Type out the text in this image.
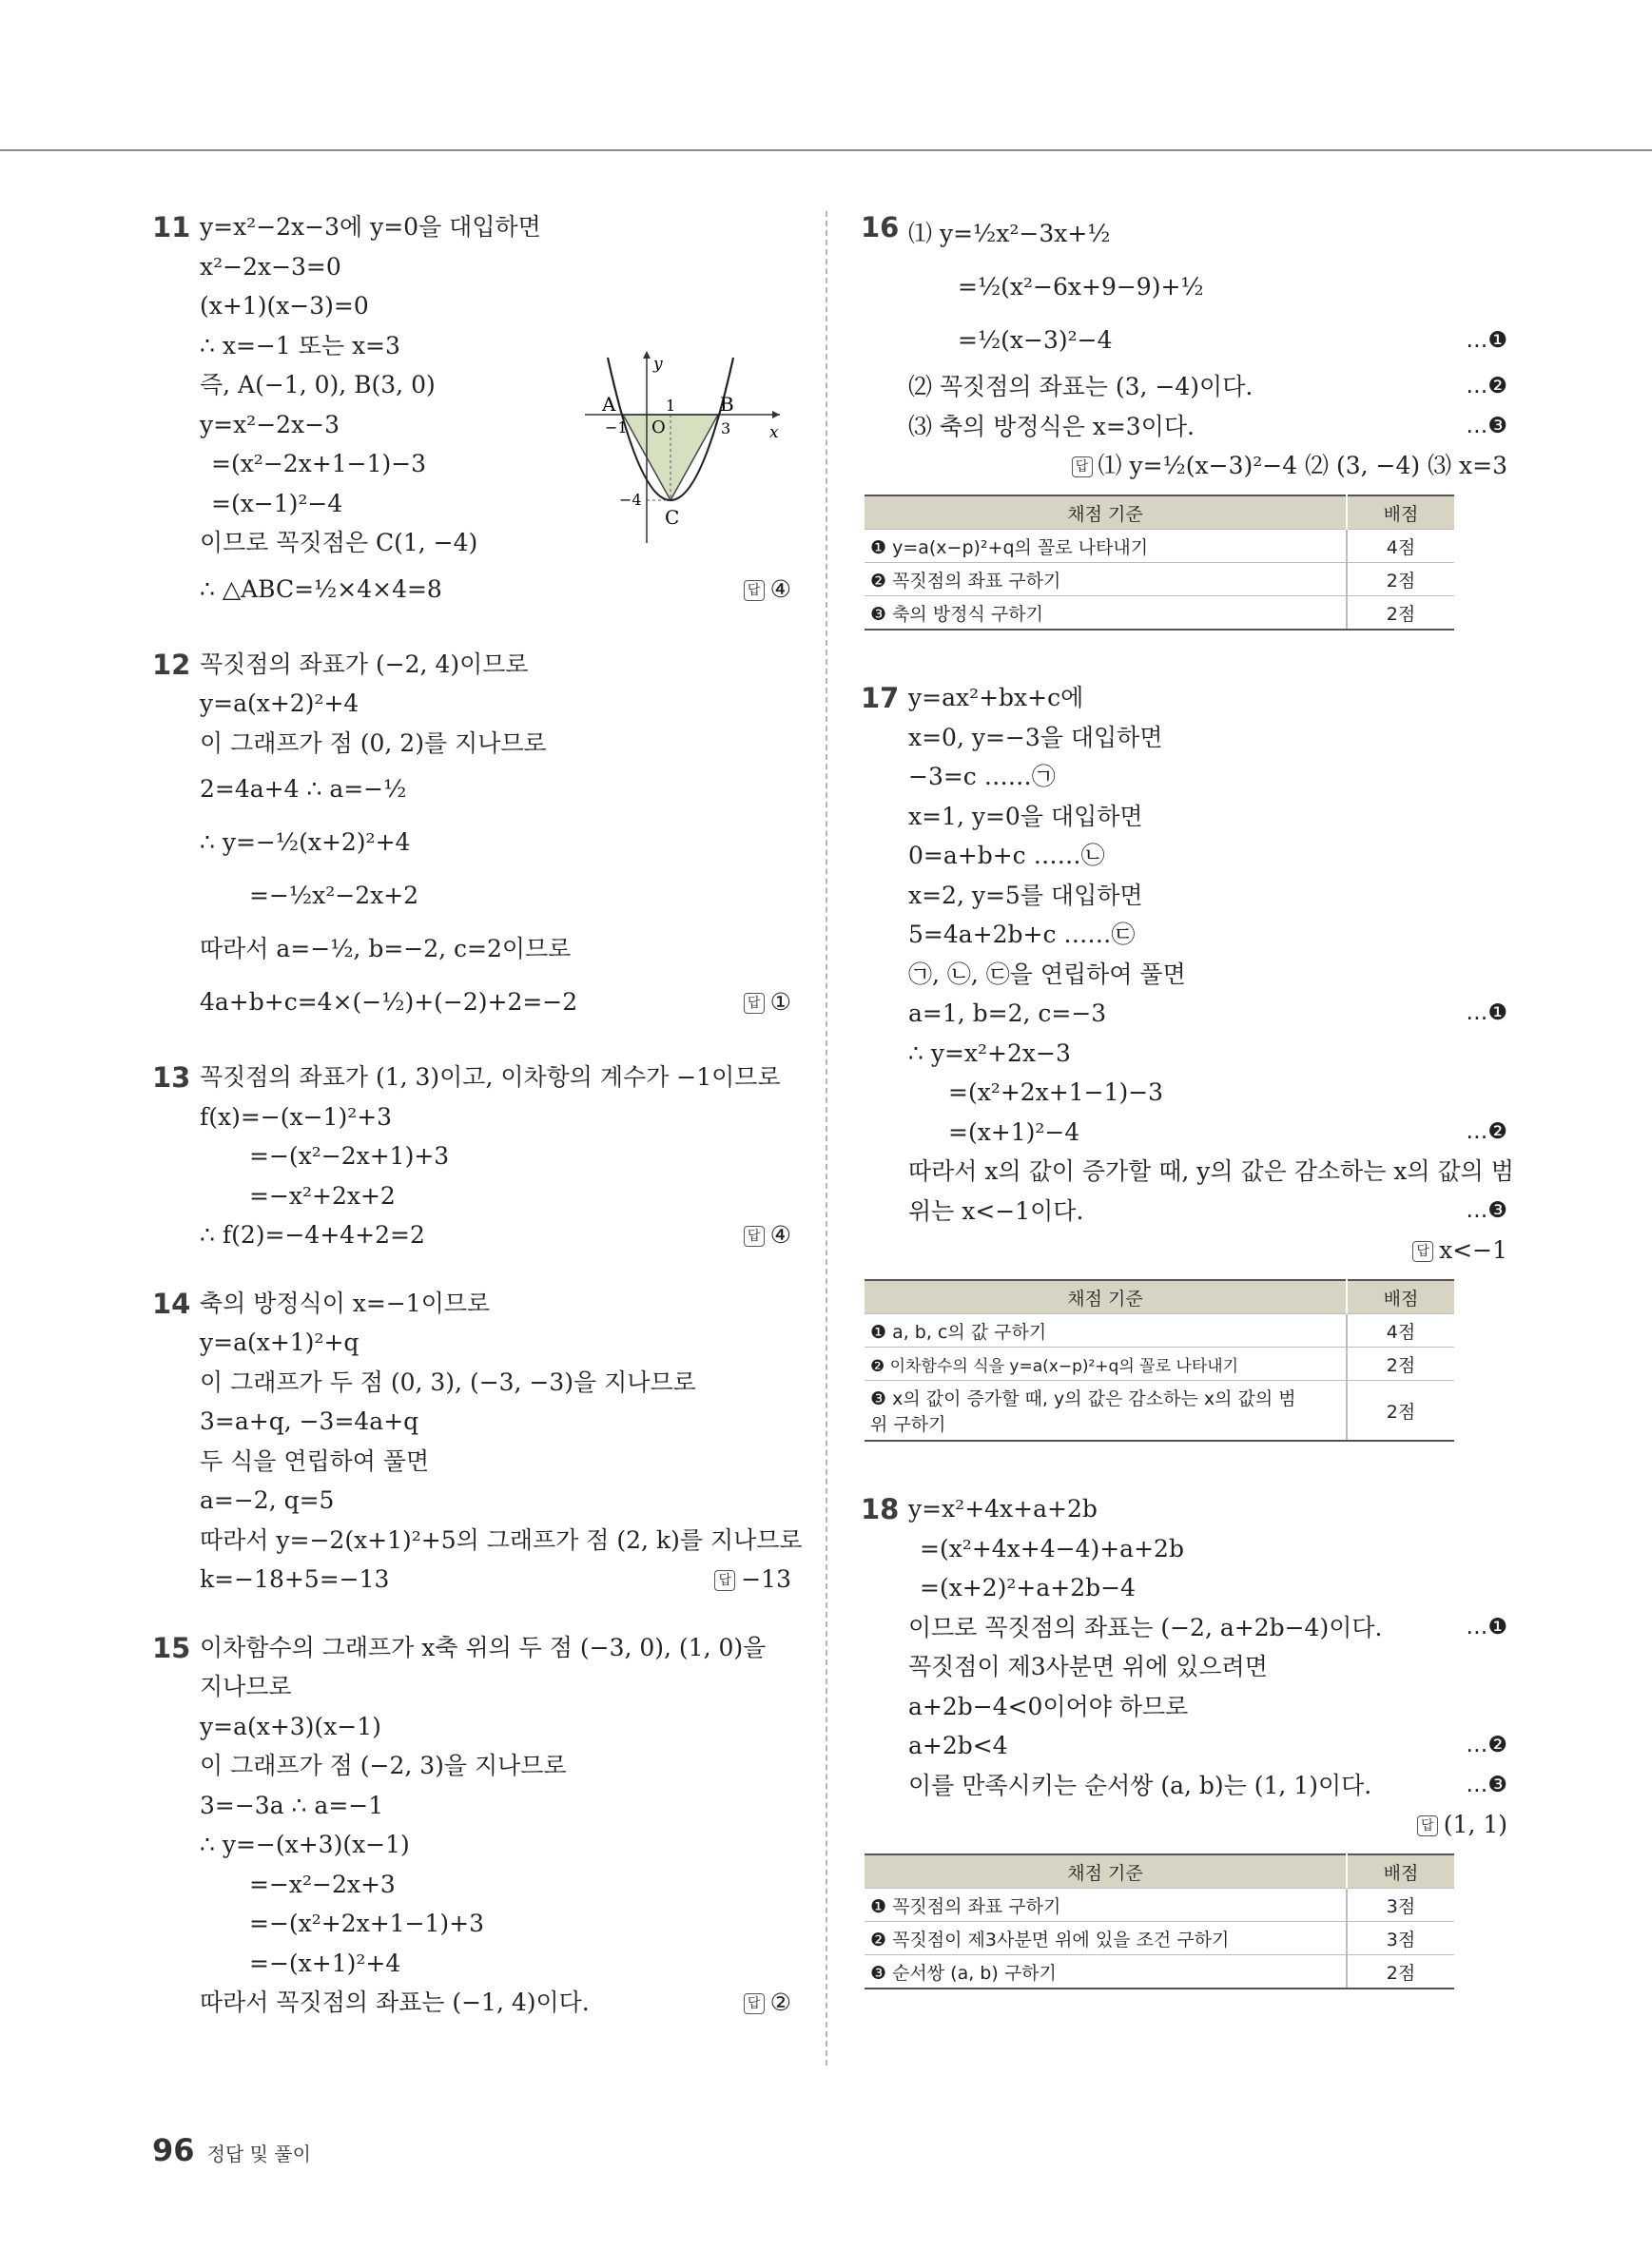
11 y=x²−2x−3에 y=0을 대입하면
x²−2x−3=0
(x+1)(x−3)=0
∴ x=−1 또는 x=3
즉, A(−1, 0), B(3, 0)
y=x²−2x−3
=(x²−2x+1−1)−3
=(x−1)²−4
이므로 꼭짓점은 C(1, −4)
∴ △ABC=½×4×4=8	답 ④
y
x
A
−1 O
1 B
3
−4
C
12 꼭짓점의 좌표가 (−2, 4)이므로
y=a(x+2)²+4
이 그래프가 점 (0, 2)를 지나므로
2=4a+4 ∴ a=−½
∴ y=−½(x+2)²+4
=−½x²−2x+2
따라서 a=−½, b=−2, c=2이므로
4a+b+c=4×(−½)+(−2)+2=−2	답 ①
13 꼭짓점의 좌표가 (1, 3)이고, 이차항의 계수가 −1이므로
f(x)=−(x−1)²+3
=−(x²−2x+1)+3
=−x²+2x+2
∴ f(2)=−4+4+2=2	답 ④
14 축의 방정식이 x=−1이므로
y=a(x+1)²+q
이 그래프가 두 점 (0, 3), (−3, −3)을 지나므로
3=a+q, −3=4a+q
두 식을 연립하여 풀면
a=−2, q=5
따라서 y=−2(x+1)²+5의 그래프가 점 (2, k)를 지나므로
k=−18+5=−13	답 −13
15 이차함수의 그래프가 x축 위의 두 점 (−3, 0), (1, 0)을
지나므로
y=a(x+3)(x−1)
이 그래프가 점 (−2, 3)을 지나므로
3=−3a ∴ a=−1
∴ y=−(x+3)(x−1)
=−x²−2x+3
=−(x²+2x+1−1)+3
=−(x+1)²+4
따라서 꼭짓점의 좌표는 (−1, 4)이다.	답 ②
16 ⑴ y=½x²−3x+½
=½(x²−6x+9−9)+½
=½(x−3)²−4	…❶
⑵ 꼭짓점의 좌표는 (3, −4)이다.	…❷
⑶ 축의 방정식은 x=3이다.	…❸
답 ⑴ y=½(x−3)²−4 ⑵ (3, −4) ⑶ x=3
채점 기준	배점
❶ y=a(x−p)²+q의 꼴로 나타내기	4점
❷ 꼭짓점의 좌표 구하기	2점
❸ 축의 방정식 구하기	2점
17 y=ax²+bx+c에
x=0, y=−3을 대입하면
−3=c ……㉠
x=1, y=0을 대입하면
0=a+b+c ……㉡
x=2, y=5를 대입하면
5=4a+2b+c ……㉢
㉠, ㉡, ㉢을 연립하여 풀면
a=1, b=2, c=−3	…❶
∴ y=x²+2x−3
=(x²+2x+1−1)−3
=(x+1)²−4	…❷
따라서 x의 값이 증가할 때, y의 값은 감소하는 x의 값의 범
위는 x<−1이다.	…❸
답 x<−1
채점 기준	배점
❶ a, b, c의 값 구하기	4점
❷ 이차함수의 식을 y=a(x−p)²+q의 꼴로 나타내기	2점
❸ x의 값이 증가할 때, y의 값은 감소하는 x의 값의 범위 구하기	2점
18 y=x²+4x+a+2b
=(x²+4x+4−4)+a+2b
=(x+2)²+a+2b−4
이므로 꼭짓점의 좌표는 (−2, a+2b−4)이다.	…❶
꼭짓점이 제3사분면 위에 있으려면
a+2b−4<0이어야 하므로
a+2b<4	…❷
이를 만족시키는 순서쌍 (a, b)는 (1, 1)이다.	…❸
답 (1, 1)
채점 기준	배점
❶ 꼭짓점의 좌표 구하기	3점
❷ 꼭짓점이 제3사분면 위에 있을 조건 구하기	3점
❸ 순서쌍 (a, b) 구하기	2점
96 정답 및 풀이
